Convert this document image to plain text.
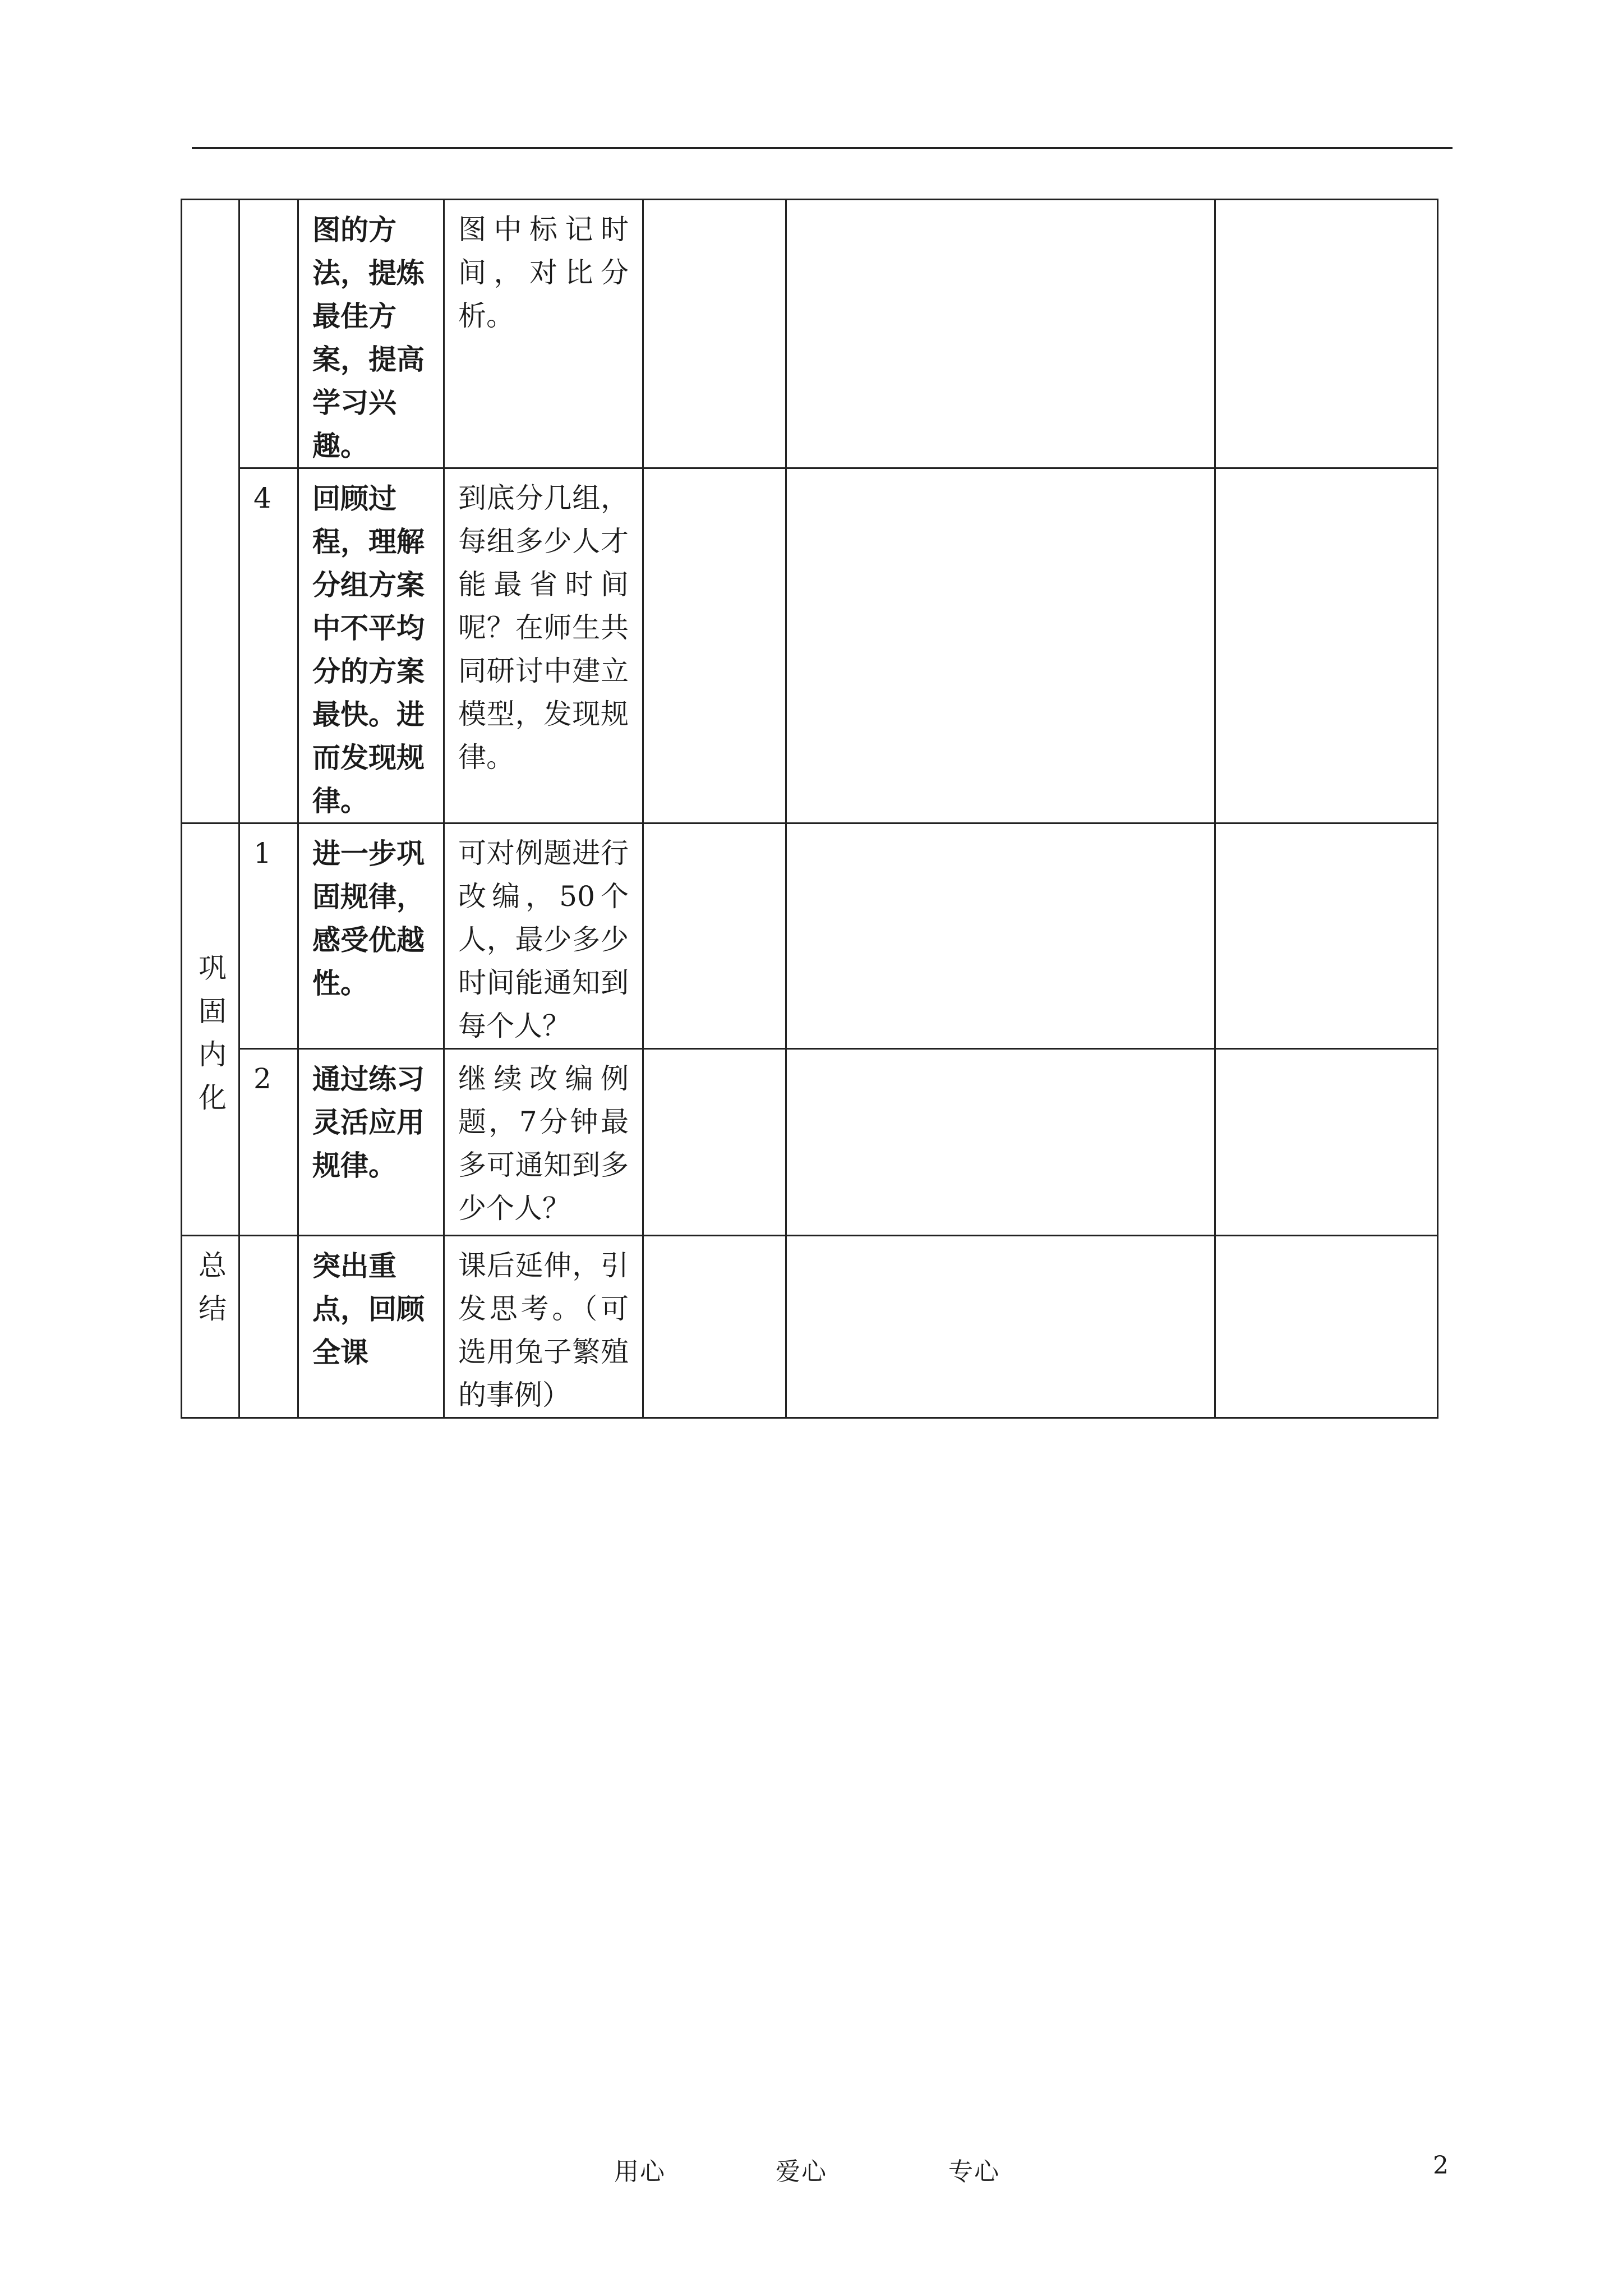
		图的方法，提炼最佳方案，提高学习兴趣。	图中标记时间，对比分析。			
	4	回顾过程，理解分组方案中不平均分的方案最快。进而发现规律。	到底分几组，每组多少人才能最省时间呢？在师生共同研讨中建立模型，发现规律。			
巩固内化	1	进一步巩固规律，感受优越性。	可对例题进行改编，50个人，最少多少时间能通知到每个人？			
	2	通过练习灵活应用规律。	继续改编例题，7分钟最多可通知到多少个人？			
总结		突出重点，回顾全课	课后延伸，引发思考。（可选用兔子繁殖的事例）			
用心	爱心	专心	2
